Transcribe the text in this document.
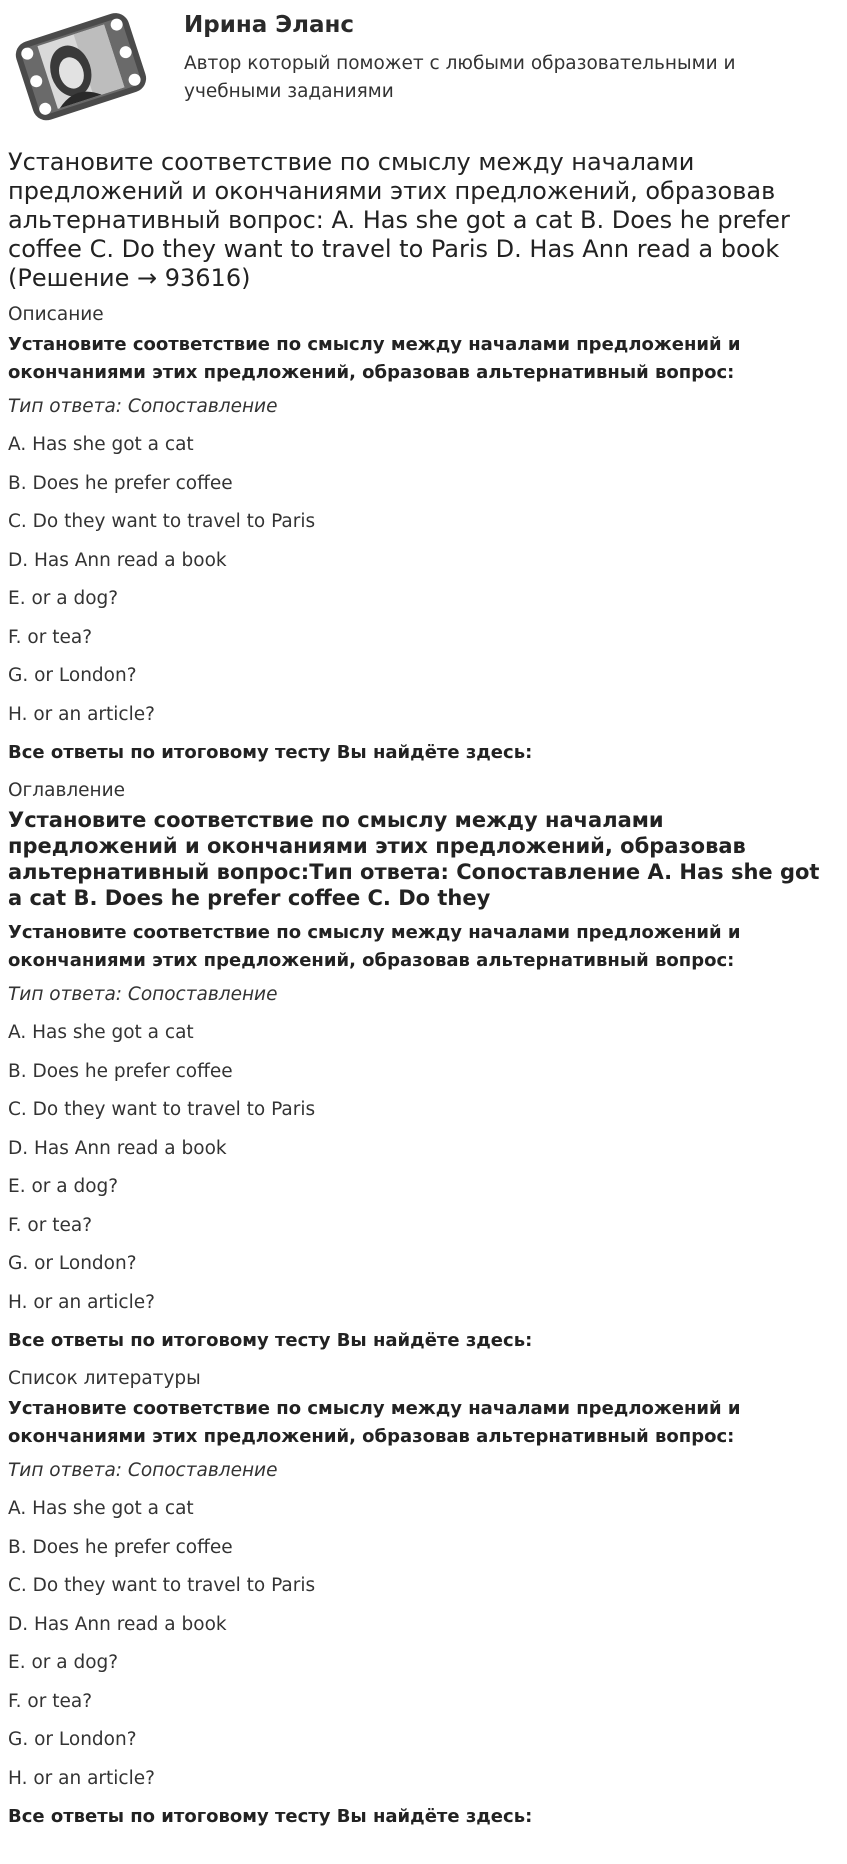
Ирина Эланс
Автор который поможет с любыми образовательными и учебными заданиями
Установите соответствие по смыслу между началами предложений и окончаниями этих предложений, образовав альтернативный вопрос: A. Has she got a cat B. Does he prefer coffee C. Do they want to travel to Paris D. Has Ann read a book (Решение → 93616)
Описание
Установите соответствие по смыслу между началами предложений и окончаниями этих предложений, образовав альтернативный вопрос:
Тип ответа: Сопоставление
A. Has she got a cat
B. Does he prefer coffee
C. Do they want to travel to Paris
D. Has Ann read a book
E. or a dog?
F. or tea?
G. or London?
H. or an article?
Все ответы по итоговому тесту Вы найдёте здесь:
Оглавление
Установите соответствие по смыслу между началами предложений и окончаниями этих предложений, образовав альтернативный вопрос:Тип ответа: Сопоставление A. Has she got a cat B. Does he prefer coffee C. Do they
Установите соответствие по смыслу между началами предложений и окончаниями этих предложений, образовав альтернативный вопрос:
Тип ответа: Сопоставление
A. Has she got a cat
B. Does he prefer coffee
C. Do they want to travel to Paris
D. Has Ann read a book
E. or a dog?
F. or tea?
G. or London?
H. or an article?
Все ответы по итоговому тесту Вы найдёте здесь:
Список литературы
Установите соответствие по смыслу между началами предложений и окончаниями этих предложений, образовав альтернативный вопрос:
Тип ответа: Сопоставление
A. Has she got a cat
B. Does he prefer coffee
C. Do they want to travel to Paris
D. Has Ann read a book
E. or a dog?
F. or tea?
G. or London?
H. or an article?
Все ответы по итоговому тесту Вы найдёте здесь:
